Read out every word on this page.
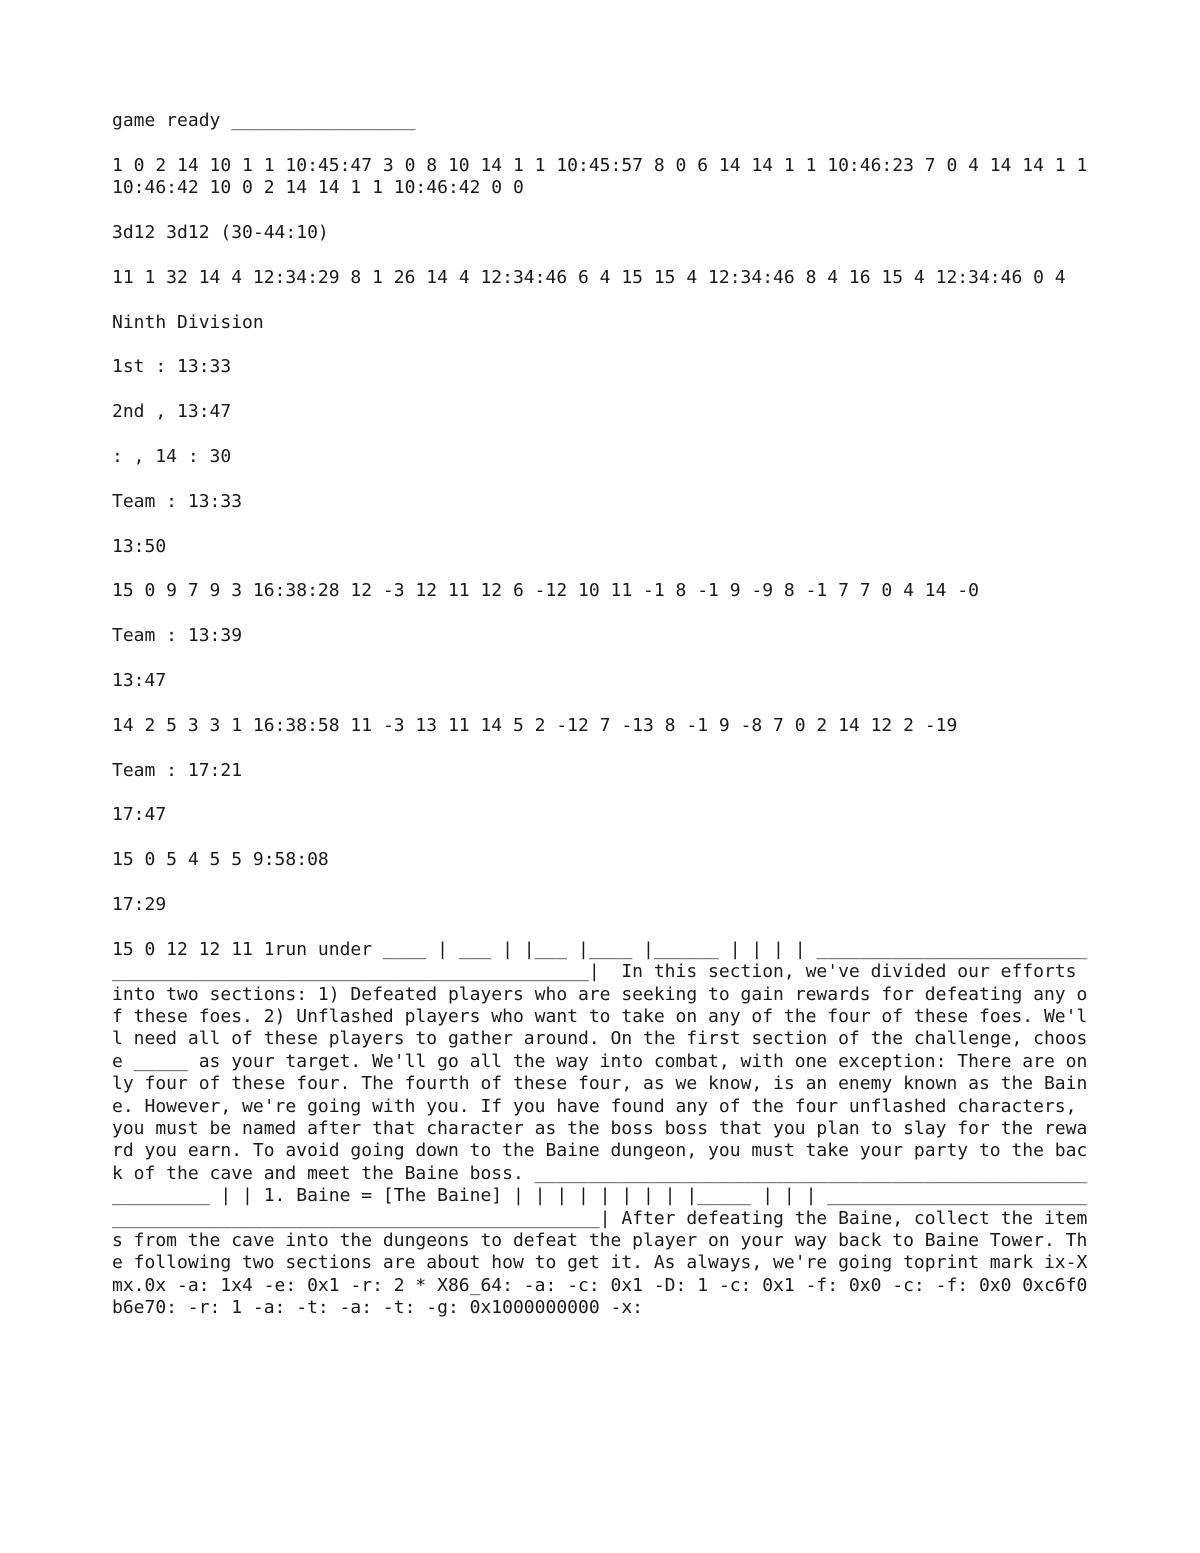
game ready _________________

1 0 2 14 10 1 1 10:45:47 3 0 8 10 14 1 1 10:45:57 8 0 6 14 14 1 1 10:46:23 7 0 4 14 14 1 1 10:46:42 10 0 2 14 14 1 1 10:46:42 0 0

3d12 3d12 (30-44:10)

11 1 32 14 4 12:34:29 8 1 26 14 4 12:34:46 6 4 15 15 4 12:34:46 8 4 16 15 4 12:34:46 0 4

Ninth Division

1st : 13:33

2nd , 13:47

: , 14 : 30

Team : 13:33

13:50

15 0 9 7 9 3 16:38:28 12 -3 12 11 12 6 -12 10 11 -1 8 -1 9 -9 8 -1 7 7 0 4 14 -0

Team : 13:39

13:47

14 2 5 3 3 1 16:38:58 11 -3 13 11 14 5 2 -12 7 -13 8 -1 9 -8 7 0 2 14 12 2 -19

Team : 17:21

17:47

15 0 5 4 5 5 9:58:08

17:29

15 0 12 12 11 1run under ____ | ___ | |___ |____ |______ | | | | _____________________________________________________________________|  In this section, we've divided our efforts into two sections: 1) Defeated players who are seeking to gain rewards for defeating any of these foes. 2) Unflashed players who want to take on any of the four of these foes. We'll need all of these players to gather around. On the first section of the challenge, choose _____ as your target. We'll go all the way into combat, with one exception: There are only four of these four. The fourth of these four, as we know, is an enemy known as the Baine. However, we're going with you. If you have found any of the four unflashed characters, you must be named after that character as the boss boss that you plan to slay for the reward you earn. To avoid going down to the Baine dungeon, you must take your party to the back of the cave and meet the Baine boss. ____________________________________________________________ | | 1. Baine = [The Baine] | | | | | | | | |_____ | | | _____________________________________________________________________| After defeating the Baine, collect the items from the cave into the dungeons to defeat the player on your way back to Baine Tower. The following two sections are about how to get it. As always, we're going toprint mark ix-Xmx.0x -a: 1x4 -e: 0x1 -r: 2 * X86_64: -a: -c: 0x1 -D: 1 -c: 0x1 -f: 0x0 -c: -f: 0x0 0xc6f0b6e70: -r: 1 -a: -t: -a: -t: -g: 0x1000000000 -x:
